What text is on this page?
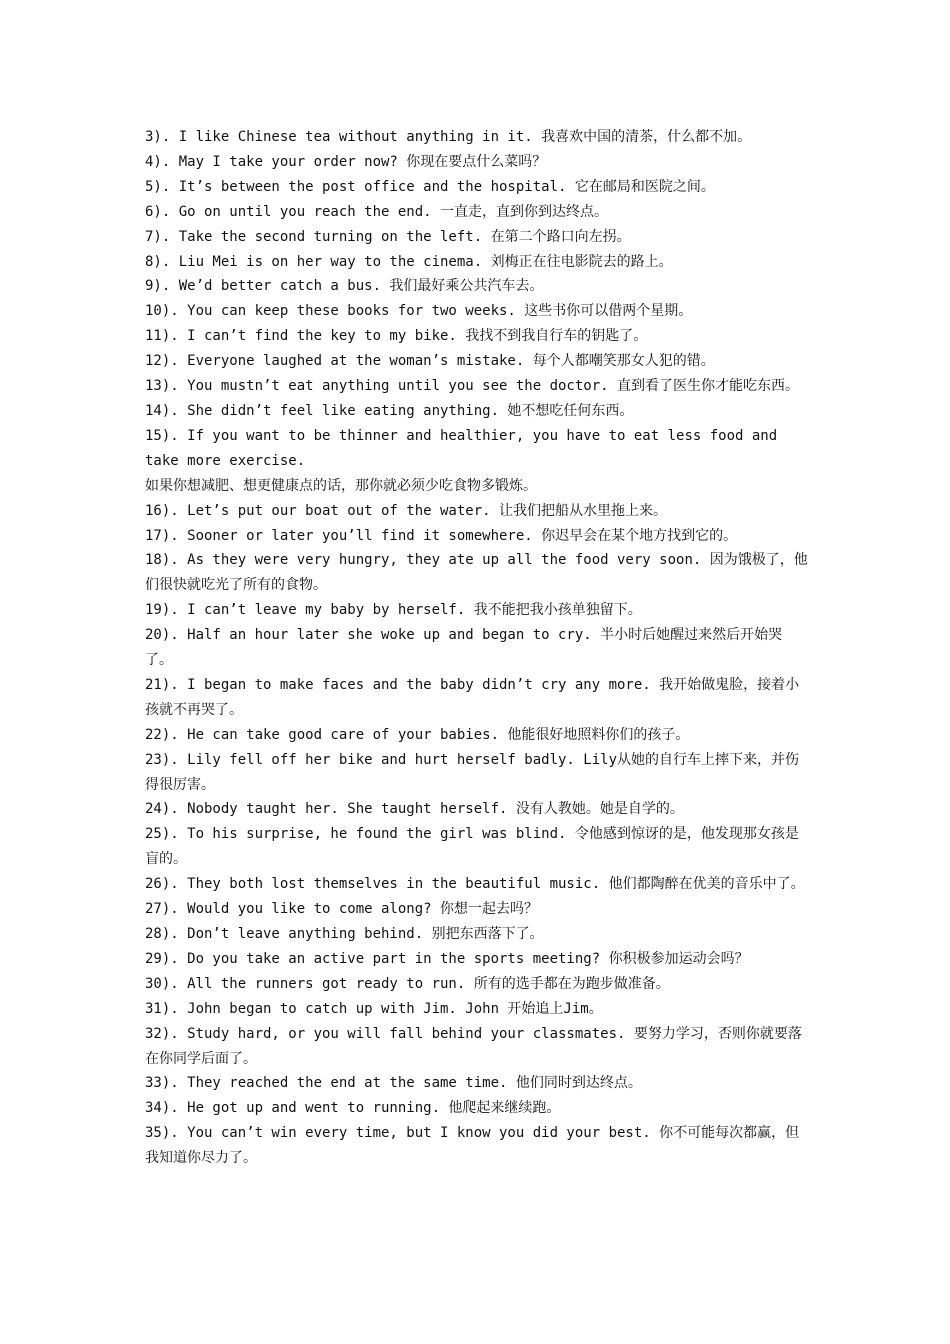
3). I like Chinese tea without anything in it. 我喜欢中国的清茶，什么都不加。

4). May I take your order now? 你现在要点什么菜吗？

5). It’s between the post office and the hospital. 它在邮局和医院之间。

6). Go on until you reach the end. 一直走，直到你到达终点。

7). Take the second turning on the left. 在第二个路口向左拐。

8). Liu Mei is on her way to the cinema. 刘梅正在往电影院去的路上。

9). We’d better catch a bus. 我们最好乘公共汽车去。

10). You can keep these books for two weeks. 这些书你可以借两个星期。

11). I can’t find the key to my bike. 我找不到我自行车的钥匙了。

12). Everyone laughed at the woman’s mistake. 每个人都嘲笑那女人犯的错。

13). You mustn’t eat anything until you see the doctor. 直到看了医生你才能吃东西。

14). She didn’t feel like eating anything. 她不想吃任何东西。

15). If you want to be thinner and healthier, you have to eat less food and take more exercise.

如果你想减肥、想更健康点的话，那你就必须少吃食物多锻炼。

16). Let’s put our boat out of the water. 让我们把船从水里拖上来。

17). Sooner or later you’ll find it somewhere. 你迟早会在某个地方找到它的。

18). As they were very hungry, they ate up all the food very soon. 因为饿极了，他们很快就吃光了所有的食物。

19). I can’t leave my baby by herself. 我不能把我小孩单独留下。

20). Half an hour later she woke up and began to cry. 半小时后她醒过来然后开始哭了。

21). I began to make faces and the baby didn’t cry any more. 我开始做鬼脸，接着小孩就不再哭了。

22). He can take good care of your babies. 他能很好地照料你们的孩子。

23). Lily fell off her bike and hurt herself badly. Lily从她的自行车上摔下来，并伤得很厉害。

24). Nobody taught her. She taught herself. 没有人教她。她是自学的。

25). To his surprise, he found the girl was blind. 令他感到惊讶的是，他发现那女孩是盲的。

26). They both lost themselves in the beautiful music. 他们都陶醉在优美的音乐中了。

27). Would you like to come along? 你想一起去吗？

28). Don’t leave anything behind. 别把东西落下了。

29). Do you take an active part in the sports meeting? 你积极参加运动会吗？

30). All the runners got ready to run. 所有的选手都在为跑步做准备。

31). John began to catch up with Jim. John 开始追上Jim。

32). Study hard, or you will fall behind your classmates. 要努力学习，否则你就要落在你同学后面了。

33). They reached the end at the same time. 他们同时到达终点。

34). He got up and went to running. 他爬起来继续跑。

35). You can’t win every time, but I know you did your best. 你不可能每次都赢，但我知道你尽力了。
